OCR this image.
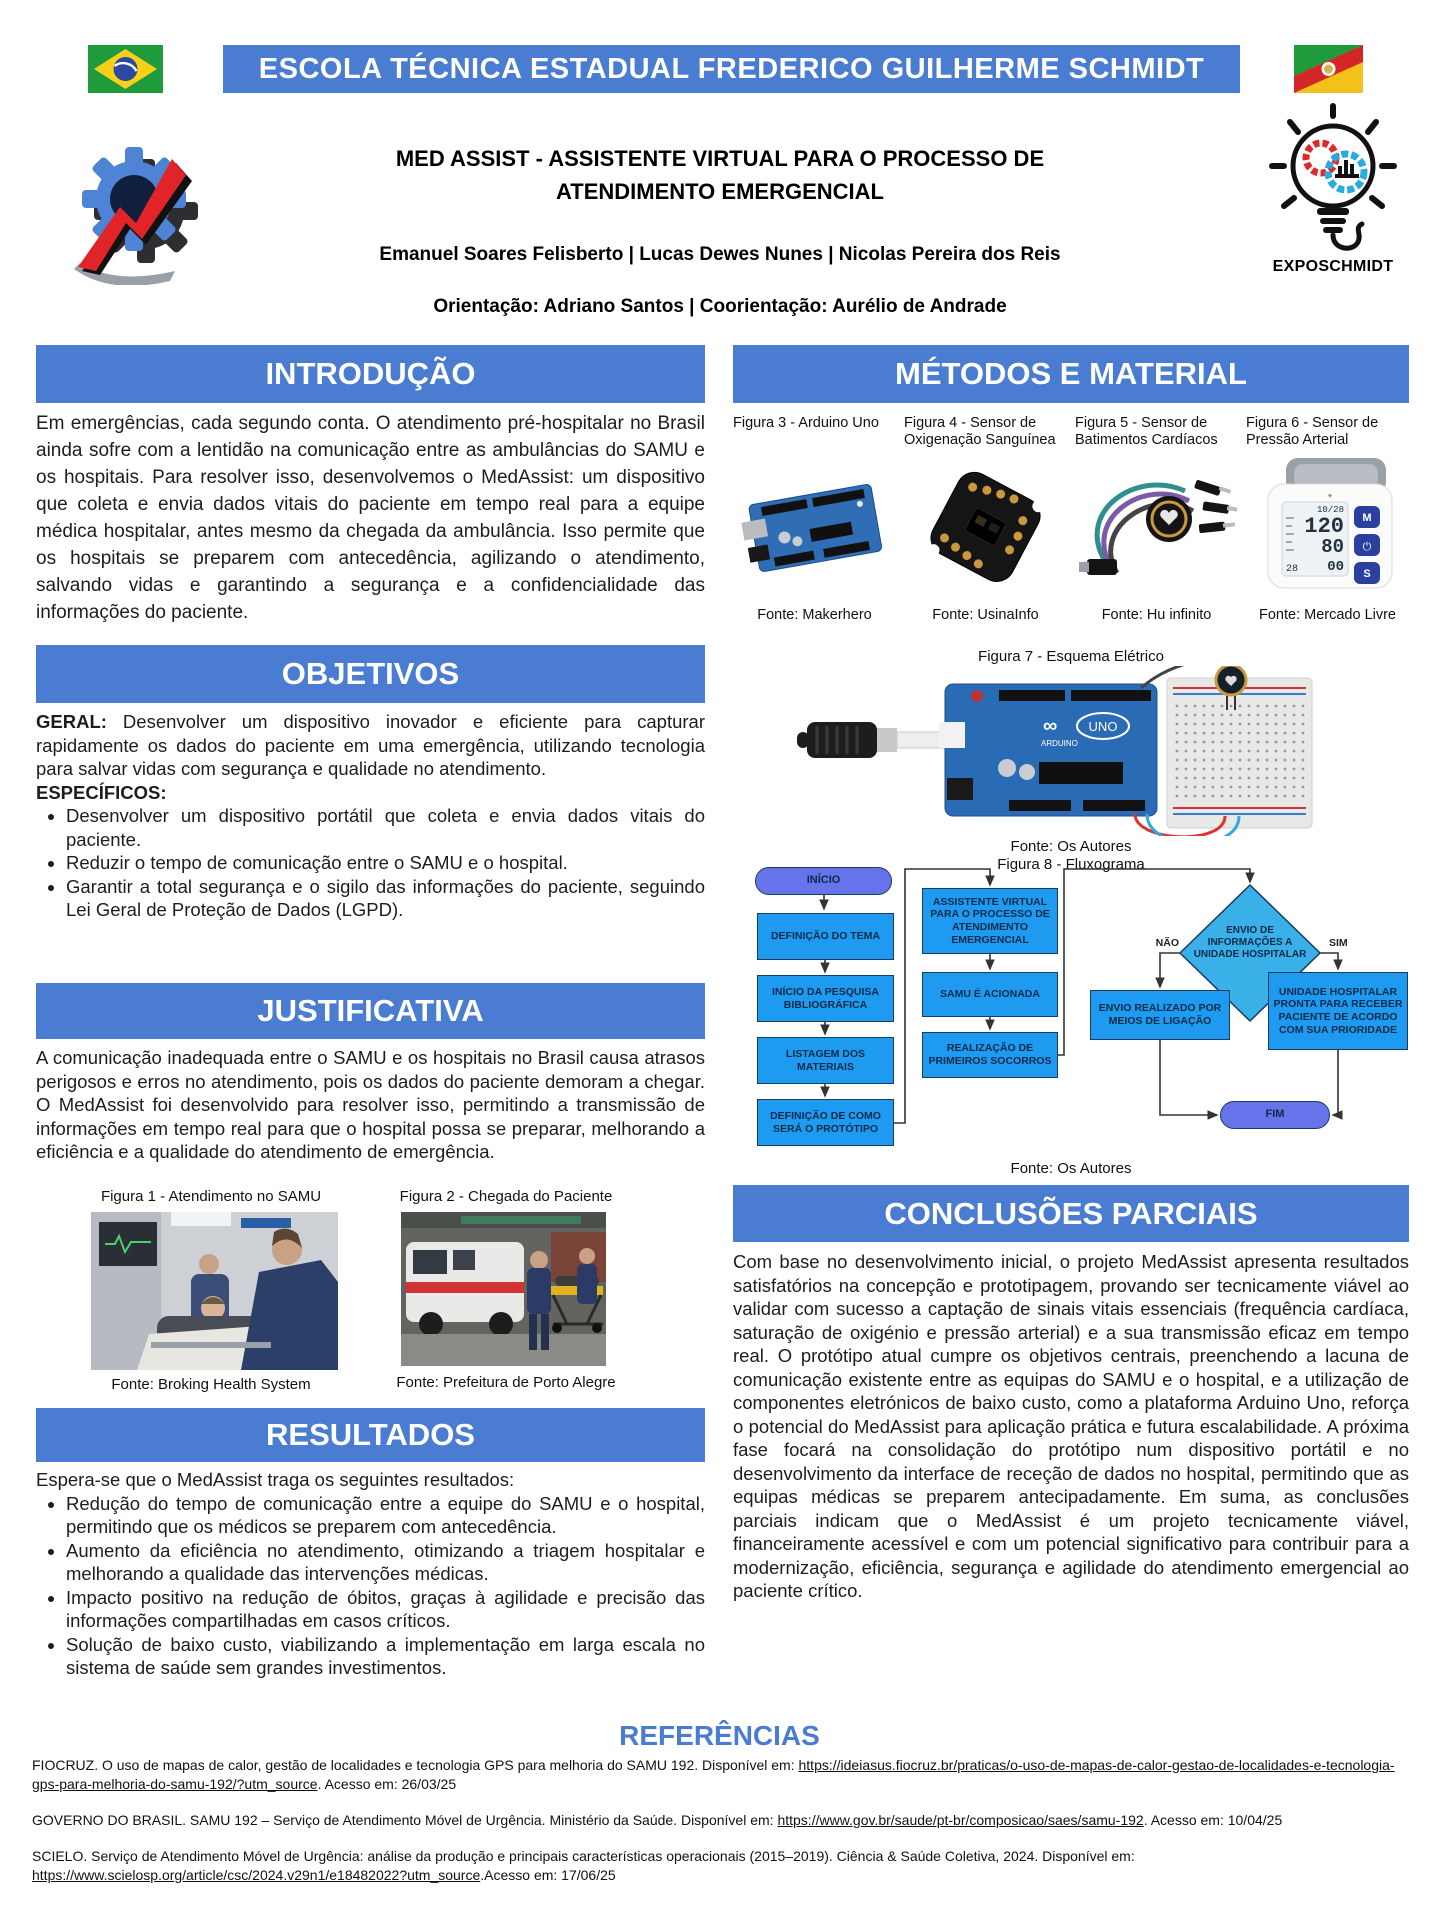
ESCOLA TÉCNICA ESTADUAL FREDERICO GUILHERME SCHMIDT
MED ASSIST - ASSISTENTE VIRTUAL PARA O PROCESSO DE
ATENDIMENTO EMERGENCIAL
Emanuel Soares Felisberto | Lucas Dewes Nunes | Nicolas Pereira dos Reis
Orientação: Adriano Santos | Coorientação: Aurélio de Andrade
EXPOSCHMIDT
INTRODUÇÃO
Em emergências, cada segundo conta. O atendimento pré-hospitalar no Brasil ainda sofre com a lentidão na comunicação entre as ambulâncias do SAMU e os hospitais. Para resolver isso, desenvolvemos o MedAssist: um dispositivo que coleta e envia dados vitais do paciente em tempo real para a equipe médica hospitalar, antes mesmo da chegada da ambulância. Isso permite que os hospitais se preparem com antecedência, agilizando o atendimento, salvando vidas e garantindo a segurança e a confidencialidade das informações do paciente.
OBJETIVOS
GERAL: Desenvolver um dispositivo inovador e eficiente para capturar rapidamente os dados do paciente em uma emergência, utilizando tecnologia para salvar vidas com segurança e qualidade no atendimento.
ESPECÍFICOS:
• Desenvolver um dispositivo portátil que coleta e envia dados vitais do paciente.
• Reduzir o tempo de comunicação entre o SAMU e o hospital.
• Garantir a total segurança e o sigilo das informações do paciente, seguindo Lei Geral de Proteção de Dados (LGPD).
JUSTIFICATIVA
A comunicação inadequada entre o SAMU e os hospitais no Brasil causa atrasos perigosos e erros no atendimento, pois os dados do paciente demoram a chegar. O MedAssist foi desenvolvido para resolver isso, permitindo a transmissão de informações em tempo real para que o hospital possa se preparar, melhorando a eficiência e a qualidade do atendimento de emergência.
Figura 1 - Atendimento no SAMU	Figura 2 - Chegada do Paciente
Fonte: Broking Health System	Fonte: Prefeitura de Porto Alegre
RESULTADOS
Espera-se que o MedAssist traga os seguintes resultados:
• Redução do tempo de comunicação entre a equipe do SAMU e o hospital, permitindo que os médicos se preparem com antecedência.
• Aumento da eficiência no atendimento, otimizando a triagem hospitalar e melhorando a qualidade das intervenções médicas.
• Impacto positivo na redução de óbitos, graças à agilidade e precisão das informações compartilhadas em casos críticos.
• Solução de baixo custo, viabilizando a implementação em larga escala no sistema de saúde sem grandes investimentos.
MÉTODOS E MATERIAL
Figura 3 - Arduino Uno
Fonte: Makerhero
Figura 4 - Sensor de Oxigenação Sanguínea
Fonte: UsinaInfo
Figura 5 - Sensor de Batimentos Cardíacos
Fonte: Hu infinito
Figura 6 - Sensor de Pressão Arterial
♥
10/28
120
80
00
28
M
⏻
S
Fonte: Mercado Livre
Figura 7 - Esquema Elétrico
∞
ARDUINO
UNO
Fonte: Os Autores
Figura 8 - Fluxograma
INÍCIO
DEFINIÇÃO DO TEMA
INÍCIO DA PESQUISA BIBLIOGRÁFICA
LISTAGEM DOS MATERIAIS
DEFINIÇÃO DE COMO SERÁ O PROTÓTIPO
ASSISTENTE VIRTUAL PARA O PROCESSO DE ATENDIMENTO EMERGENCIAL
SAMU É ACIONADA
REALIZAÇÃO DE PRIMEIROS SOCORROS
ENVIO DE INFORMAÇÕES A UNIDADE HOSPITALAR
NÃO	SIM
ENVIO REALIZADO POR MEIOS DE LIGAÇÃO
UNIDADE HOSPITALAR PRONTA PARA RECEBER PACIENTE DE ACORDO COM SUA PRIORIDADE
FIM
Fonte: Os Autores
CONCLUSÕES PARCIAIS
Com base no desenvolvimento inicial, o projeto MedAssist apresenta resultados satisfatórios na concepção e prototipagem, provando ser tecnicamente viável ao validar com sucesso a captação de sinais vitais essenciais (frequência cardíaca, saturação de oxigénio e pressão arterial) e a sua transmissão eficaz em tempo real. O protótipo atual cumpre os objetivos centrais, preenchendo a lacuna de comunicação existente entre as equipas do SAMU e o hospital, e a utilização de componentes eletrónicos de baixo custo, como a plataforma Arduino Uno, reforça o potencial do MedAssist para aplicação prática e futura escalabilidade. A próxima fase focará na consolidação do protótipo num dispositivo portátil e no desenvolvimento da interface de receção de dados no hospital, permitindo que as equipas médicas se preparem antecipadamente. Em suma, as conclusões parciais indicam que o MedAssist é um projeto tecnicamente viável, financeiramente acessível e com um potencial significativo para contribuir para a modernização, eficiência, segurança e agilidade do atendimento emergencial ao paciente crítico.
REFERÊNCIAS
FIOCRUZ. O uso de mapas de calor, gestão de localidades e tecnologia GPS para melhoria do SAMU 192. Disponível em: https://ideiasus.fiocruz.br/praticas/o-uso-de-mapas-de-calor-gestao-de-localidades-e-tecnologia-gps-para-melhoria-do-samu-192/?utm_source. Acesso em: 26/03/25
GOVERNO DO BRASIL. SAMU 192 – Serviço de Atendimento Móvel de Urgência. Ministério da Saúde. Disponível em: https://www.gov.br/saude/pt-br/composicao/saes/samu-192. Acesso em: 10/04/25
SCIELO. Serviço de Atendimento Móvel de Urgência: análise da produção e principais características operacionais (2015–2019). Ciência & Saúde Coletiva, 2024. Disponível em: https://www.scielosp.org/article/csc/2024.v29n1/e18482022?utm_source.Acesso em: 17/06/25
